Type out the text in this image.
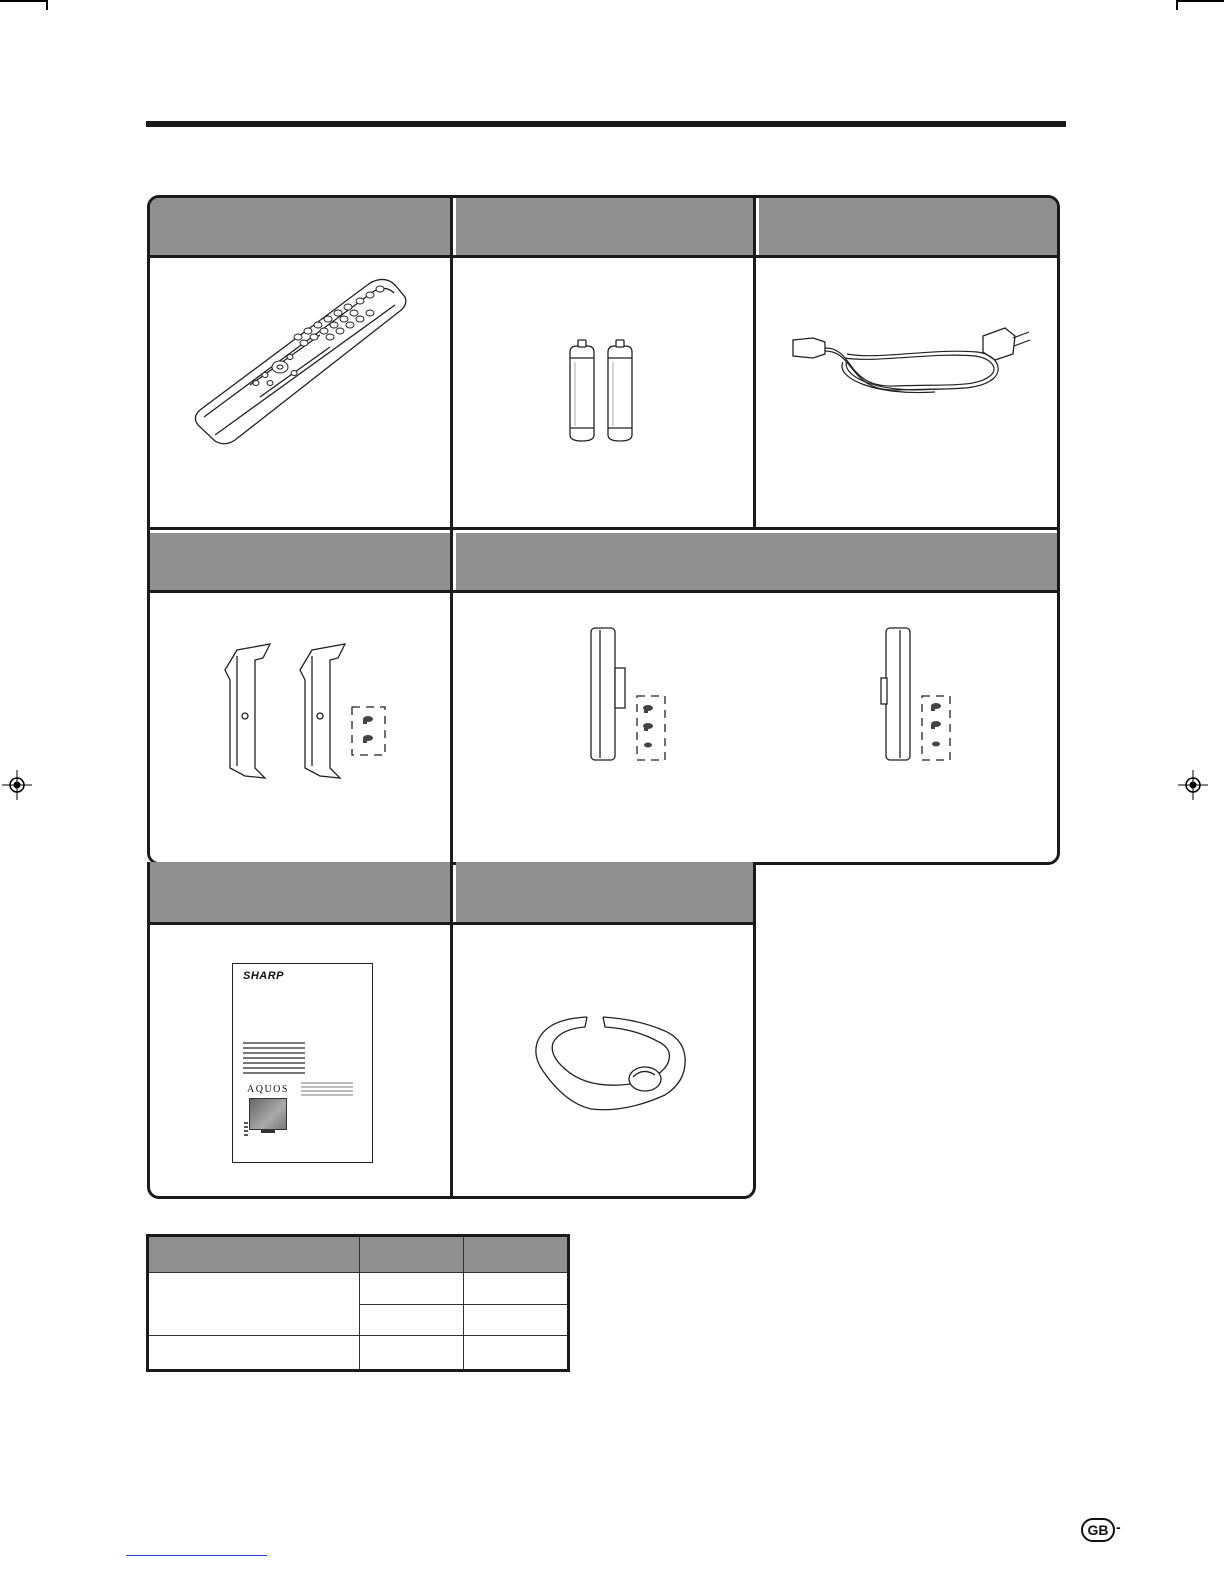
SHARP
AQUOS

GB -
